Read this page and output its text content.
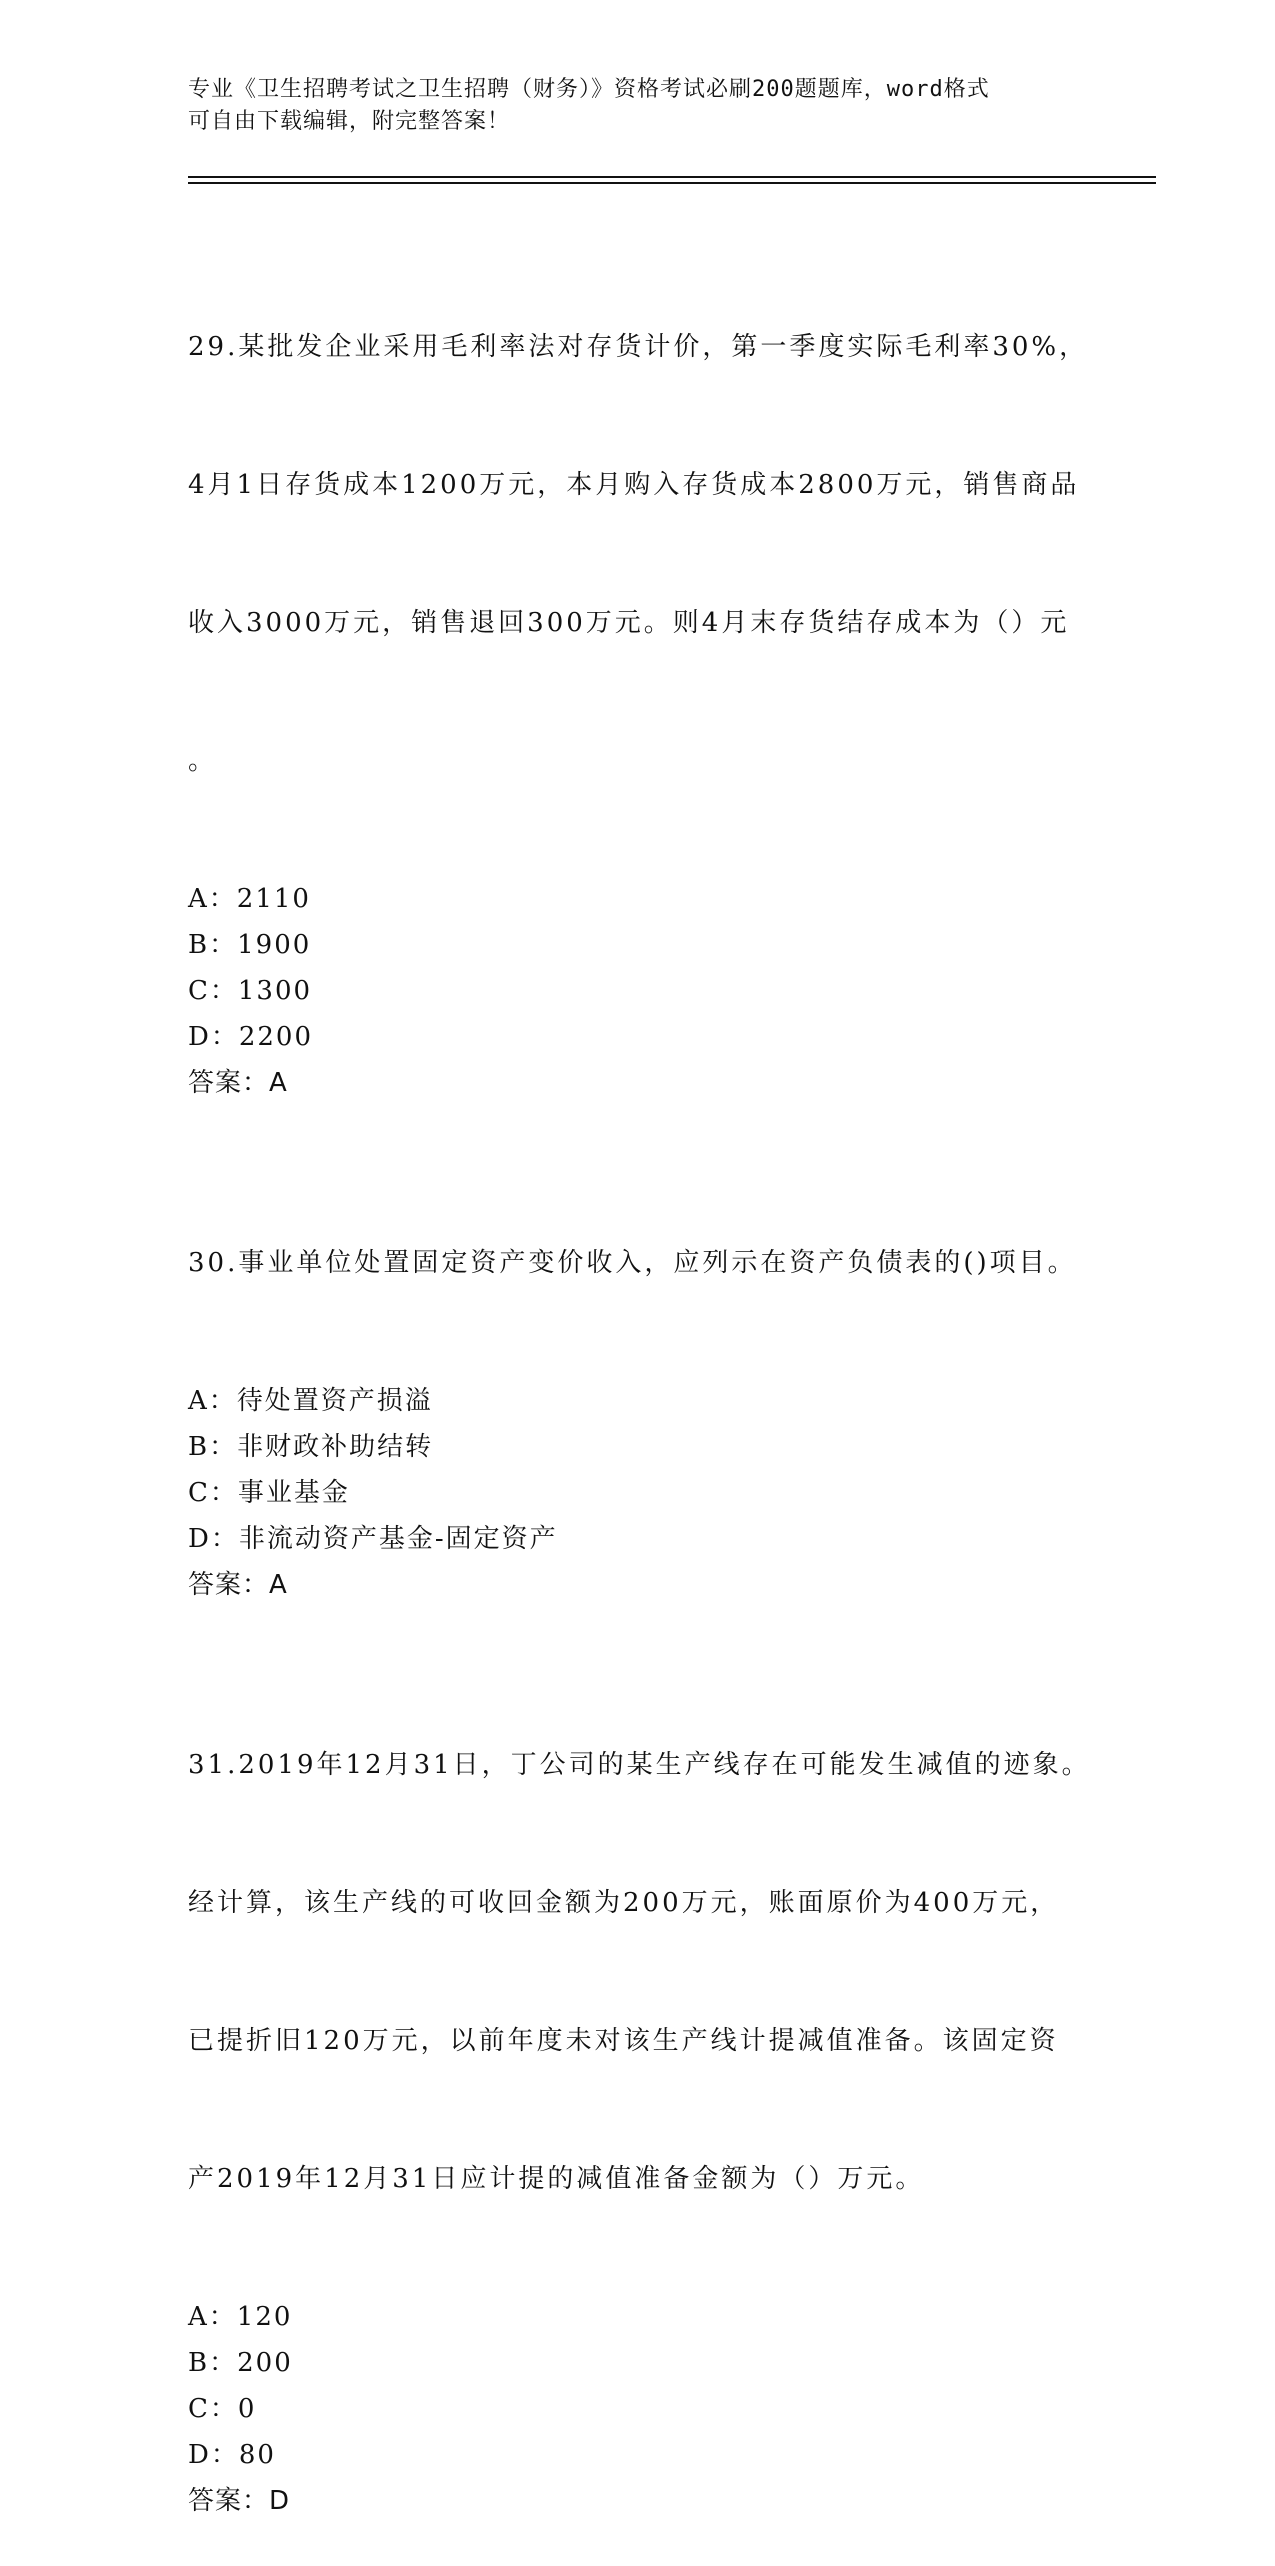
专业《卫生招聘考试之卫生招聘（财务）》资格考试必刷200题题库，word格式
可自由下载编辑，附完整答案！

29.某批发企业采用毛利率法对存货计价，第一季度实际毛利率30%，

4月1日存货成本1200万元，本月购入存货成本2800万元，销售商品

收入3000万元，销售退回300万元。则4月末存货结存成本为（）元

。

A：2110
B：1900
C：1300
D：2200
答案：A

30.事业单位处置固定资产变价收入，应列示在资产负债表的()项目。

A：待处置资产损溢
B：非财政补助结转
C：事业基金
D：非流动资产基金-固定资产
答案：A

31.2019年12月31日，丁公司的某生产线存在可能发生减值的迹象。

经计算，该生产线的可收回金额为200万元，账面原价为400万元，

已提折旧120万元，以前年度未对该生产线计提减值准备。该固定资

产2019年12月31日应计提的减值准备金额为（）万元。

A：120
B：200
C：0
D：80
答案：D
